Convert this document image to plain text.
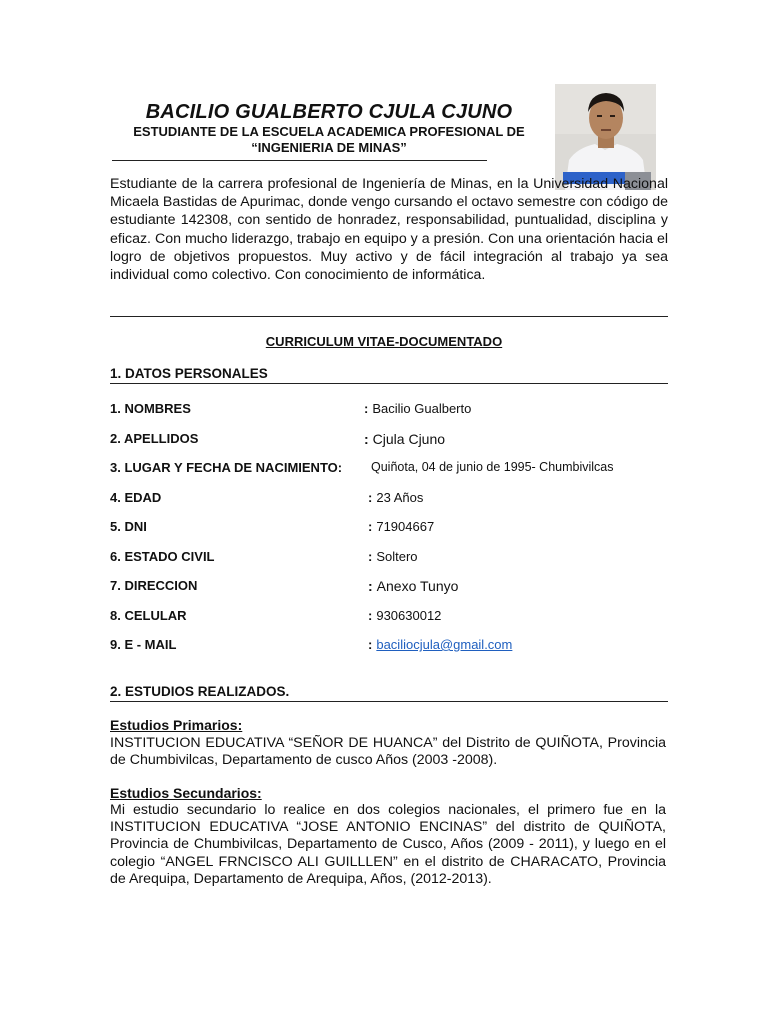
BACILIO GUALBERTO CJULA CJUNO
ESTUDIANTE DE LA ESCUELA ACADEMICA PROFESIONAL DE
“INGENIERIA DE MINAS”
Estudiante de la carrera profesional de Ingeniería de Minas, en la Universidad Nacional Micaela Bastidas de Apurimac, donde vengo cursando el octavo semestre con código de estudiante 142308, con sentido de honradez, responsabilidad, puntualidad, disciplina y eficaz. Con mucho liderazgo, trabajo en equipo y a presión. Con una orientación hacia el logro de objetivos propuestos. Muy activo y de fácil integración al trabajo ya sea individual como colectivo. Con conocimiento de informática.
CURRICULUM VITAE-DOCUMENTADO
1. DATOS PERSONALES
1. NOMBRES	: Bacilio Gualberto
2. APELLIDOS	: Cjula Cjuno
3. LUGAR Y FECHA DE NACIMIENTO: Quiñota, 04 de junio de 1995- Chumbivilcas
4. EDAD	: 23 Años
5. DNI	: 71904667
6. ESTADO CIVIL	: Soltero
7. DIRECCION	: Anexo Tunyo
8. CELULAR	: 930630012
9. E - MAIL	: baciliocjula@gmail.com
2. ESTUDIOS REALIZADOS.
Estudios Primarios:
INSTITUCION EDUCATIVA “SEÑOR DE HUANCA” del Distrito de QUIÑOTA, Provincia de Chumbivilcas, Departamento de cusco Años (2003 -2008).
Estudios Secundarios:
Mi estudio secundario lo realice en dos colegios nacionales, el primero fue en la INSTITUCION EDUCATIVA “JOSE ANTONIO ENCINAS” del distrito de QUIÑOTA, Provincia de Chumbivilcas, Departamento de Cusco, Años (2009 - 2011), y luego en el colegio “ANGEL FRNCISCO ALI GUILLLEN” en el distrito de CHARACATO, Provincia de Arequipa, Departamento de Arequipa, Años, (2012-2013).
